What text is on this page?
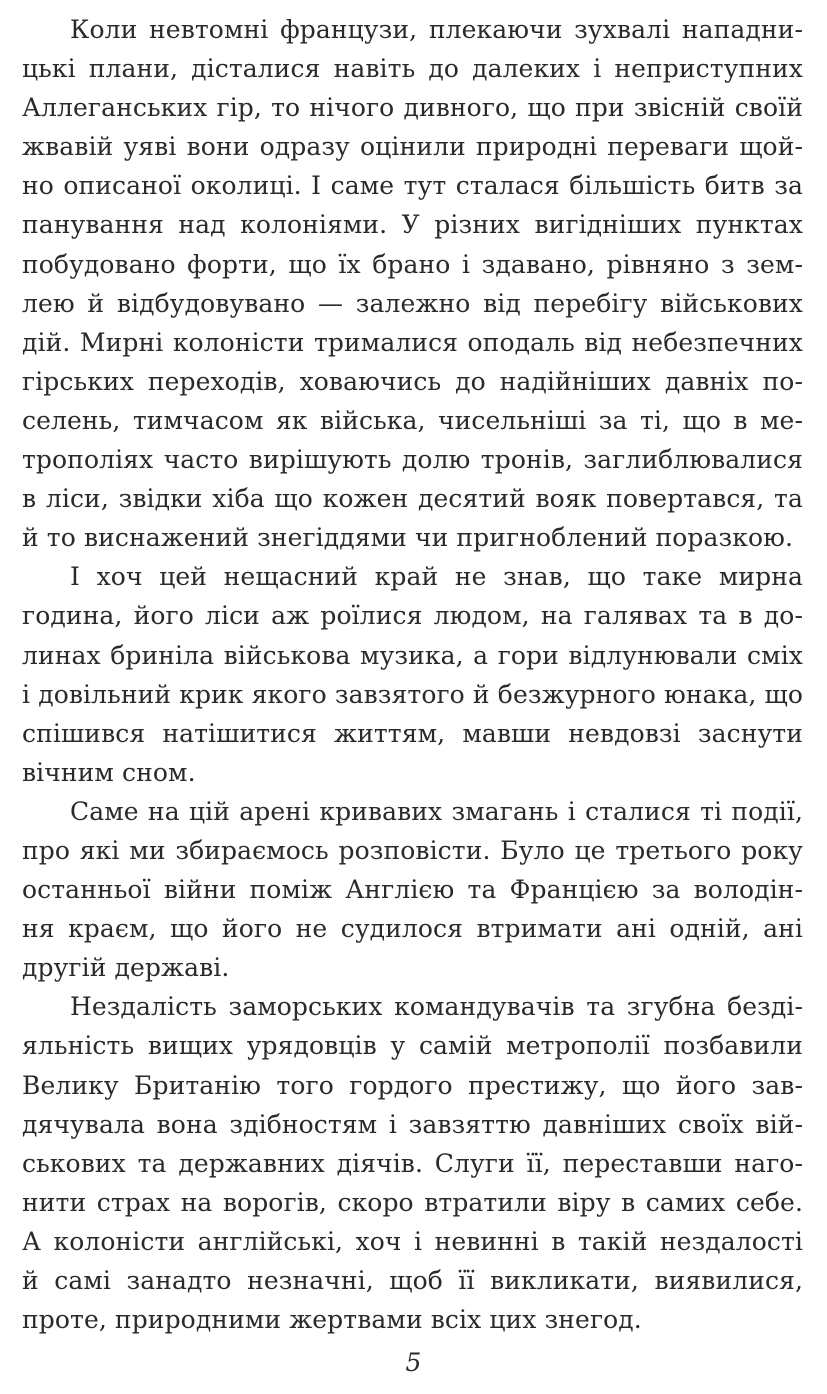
Коли невтомні французи, плекаючи зухвалі нападни-
цькі плани, дісталися навіть до далеких і неприступних
Аллеганських гір, то нічого дивного, що при звісній своїй
жвавій уяві вони одразу оцінили природні переваги щой-
но описаної околиці. І саме тут сталася більшість битв за
панування над колоніями. У різних вигідніших пунктах
побудовано форти, що їх брано і здавано, рівняно з зем-
лею й відбудовувано — залежно від перебігу військових
дій. Мирні колоністи трималися оподаль від небезпечних
гірських переходів, ховаючись до надійніших давніх по-
селень, тимчасом як війська, чисельніші за ті, що в ме-
трополіях часто вирішують долю тронів, заглиблювалися
в ліси, звідки хіба що кожен десятий вояк повертався, та
й то виснажений знегіддями чи пригноблений поразкою.
І хоч цей нещасний край не знав, що таке мирна
година, його ліси аж роїлися людом, на галявах та в до-
линах бриніла військова музика, а гори відлунювали сміх
і довільний крик якого завзятого й безжурного юнака, що
спішився натішитися життям, мавши невдовзі заснути
вічним сном.
Саме на цій арені кривавих змагань і сталися ті події,
про які ми збираємось розповісти. Було це третього року
останньої війни поміж Англією та Францією за володін-
ня краєм, що його не судилося втримати ані одній, ані
другій державі.
Нездалість заморських командувачів та згубна безді-
яльність вищих урядовців у самій метрополії позбавили
Велику Британію того гордого престижу, що його зав-
дячувала вона здібностям і завзяттю давніших своїх вій-
ськових та державних діячів. Слуги її, переставши наго-
нити страх на ворогів, скоро втратили віру в самих себе.
А колоністи англійські, хоч і невинні в такій нездалості
й самі занадто незначні, щоб її викликати, виявилися,
проте, природними жертвами всіх цих знегод.
5
